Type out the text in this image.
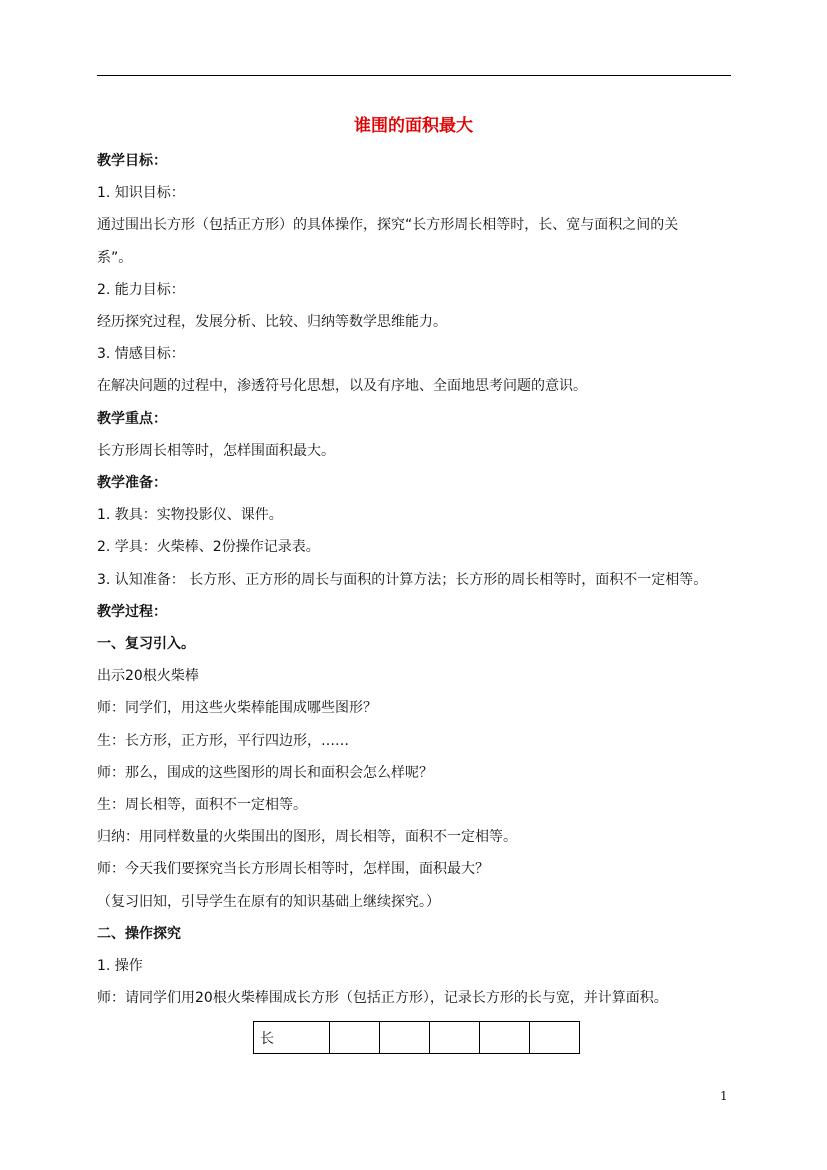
谁围的面积最大
教学目标：
1. 知识目标：
通过围出长方形（包括正方形）的具体操作，探究“长方形周长相等时，长、宽与面积之间的关
系”。
2. 能力目标：
经历探究过程，发展分析、比较、归纳等数学思维能力。
3. 情感目标：
在解决问题的过程中，渗透符号化思想，以及有序地、全面地思考问题的意识。
教学重点：
长方形周长相等时，怎样围面积最大。
教学准备：
1. 教具：实物投影仪、课件。
2. 学具：火柴棒、2份操作记录表。
3. 认知准备： 长方形、正方形的周长与面积的计算方法；长方形的周长相等时，面积不一定相等。
教学过程：
一、复习引入。
出示20根火柴棒
师：同学们，用这些火柴棒能围成哪些图形？
生：长方形，正方形，平行四边形，……
师：那么，围成的这些图形的周长和面积会怎么样呢？
生：周长相等，面积不一定相等。
归纳：用同样数量的火柴围出的图形，周长相等，面积不一定相等。
师：今天我们要探究当长方形周长相等时，怎样围，面积最大？
（复习旧知，引导学生在原有的知识基础上继续探究。）
二、操作探究
1. 操作
师：请同学们用20根火柴棒围成长方形（包括正方形），记录长方形的长与宽，并计算面积。
长					
1
